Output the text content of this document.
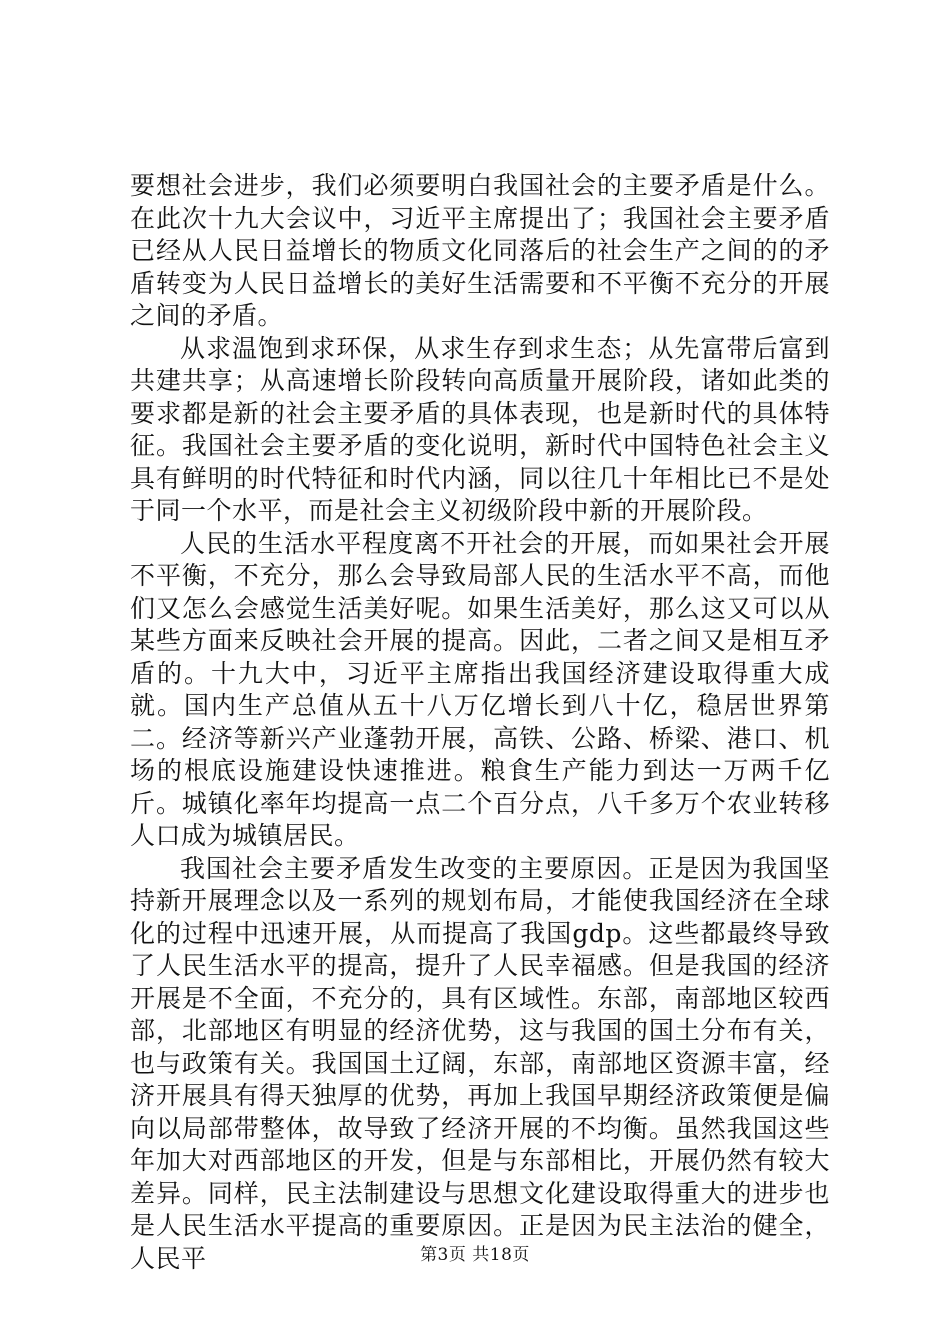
要想社会进步，我们必须要明白我国社会的主要矛盾是什么。在此次十九大会议中，习近平主席提出了；我国社会主要矛盾已经从人民日益增长的物质文化同落后的社会生产之间的的矛盾转变为人民日益增长的美好生活需要和不平衡不充分的开展之间的矛盾。

从求温饱到求环保，从求生存到求生态；从先富带后富到共建共享；从高速增长阶段转向高质量开展阶段，诸如此类的要求都是新的社会主要矛盾的具体表现，也是新时代的具体特征。我国社会主要矛盾的变化说明，新时代中国特色社会主义具有鲜明的时代特征和时代内涵，同以往几十年相比已不是处于同一个水平，而是社会主义初级阶段中新的开展阶段。

人民的生活水平程度离不开社会的开展，而如果社会开展不平衡，不充分，那么会导致局部人民的生活水平不高，而他们又怎么会感觉生活美好呢。如果生活美好，那么这又可以从某些方面来反映社会开展的提高。因此，二者之间又是相互矛盾的。十九大中，习近平主席指出我国经济建设取得重大成就。国内生产总值从五十八万亿增长到八十亿，稳居世界第二。经济等新兴产业蓬勃开展，高铁、公路、桥梁、港口、机场的根底设施建设快速推进。粮食生产能力到达一万两千亿斤。城镇化率年均提高一点二个百分点，八千多万个农业转移人口成为城镇居民。

我国社会主要矛盾发生改变的主要原因。正是因为我国坚持新开展理念以及一系列的规划布局，才能使我国经济在全球化的过程中迅速开展，从而提高了我国gdp。这些都最终导致了人民生活水平的提高，提升了人民幸福感。但是我国的经济开展是不全面，不充分的，具有区域性。东部，南部地区较西部，北部地区有明显的经济优势，这与我国的国土分布有关，也与政策有关。我国国土辽阔，东部，南部地区资源丰富，经济开展具有得天独厚的优势，再加上我国早期经济政策便是偏向以局部带整体，故导致了经济开展的不均衡。虽然我国这些年加大对西部地区的开发，但是与东部相比，开展仍然有较大差异。同样，民主法制建设与思想文化建设取得重大的进步也是人民生活水平提高的重要原因。正是因为民主法治的健全，人民平	第3页 共18页
